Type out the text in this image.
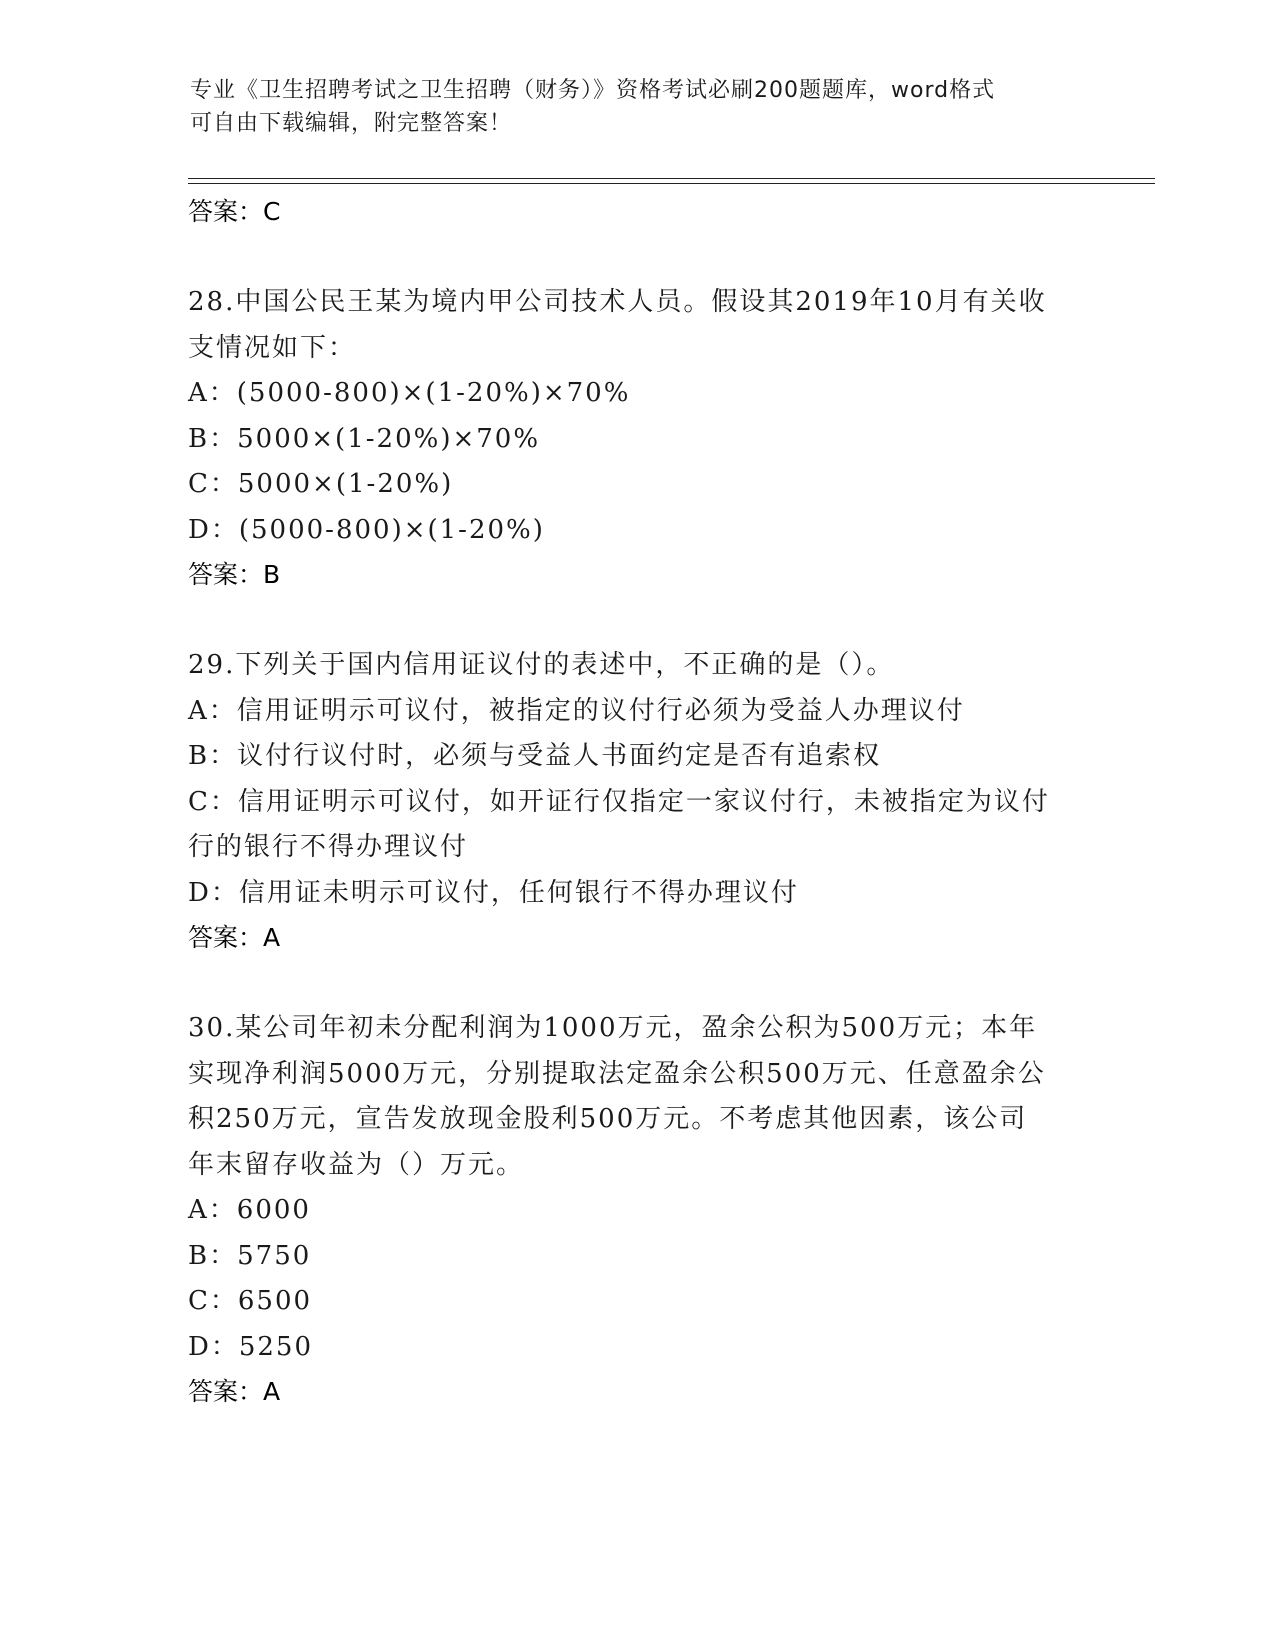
专业《卫生招聘考试之卫生招聘（财务）》资格考试必刷200题题库，word格式
可自由下载编辑，附完整答案！
答案：C
28.中国公民王某为境内甲公司技术人员。假设其2019年10月有关收
支情况如下：
A：(5000-800)×(1-20%)×70%
B：5000×(1-20%)×70%
C：5000×(1-20%)
D：(5000-800)×(1-20%)
答案：B
29.下列关于国内信用证议付的表述中，不正确的是（）。
A：信用证明示可议付，被指定的议付行必须为受益人办理议付
B：议付行议付时，必须与受益人书面约定是否有追索权
C：信用证明示可议付，如开证行仅指定一家议付行，未被指定为议付
行的银行不得办理议付
D：信用证未明示可议付，任何银行不得办理议付
答案：A
30.某公司年初未分配利润为1000万元，盈余公积为500万元；本年
实现净利润5000万元，分别提取法定盈余公积500万元、任意盈余公
积250万元，宣告发放现金股利500万元。不考虑其他因素，该公司
年末留存收益为（）万元。
A：6000
B：5750
C：6500
D：5250
答案：A
